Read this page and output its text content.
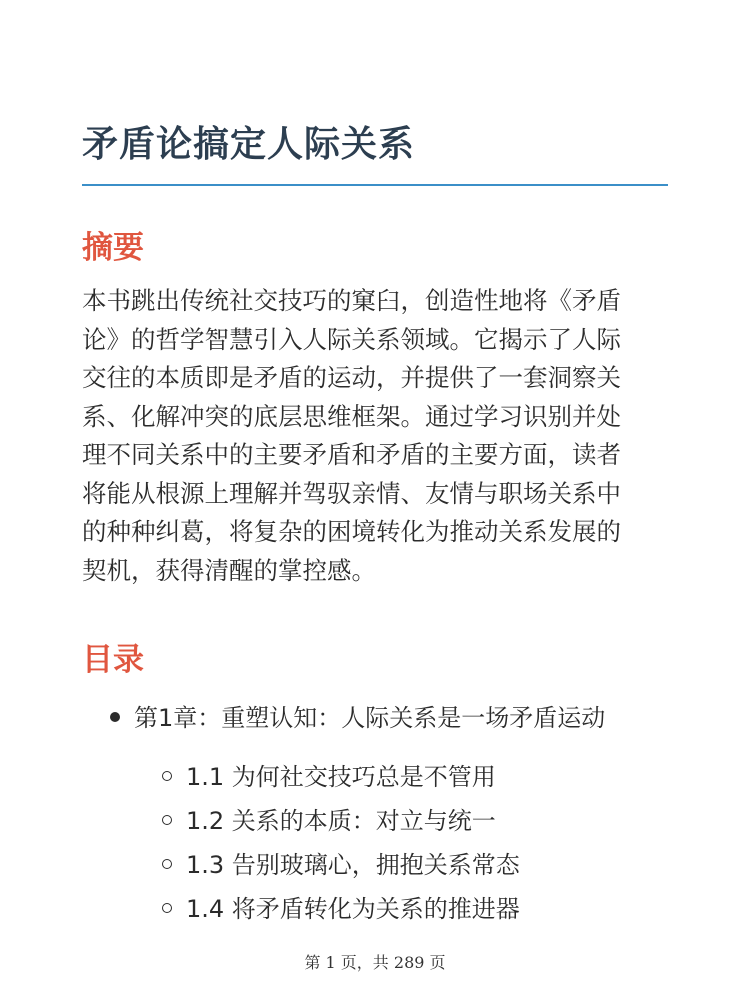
矛盾论搞定人际关系
摘要

本书跳出传统社交技巧的窠臼，创造性地将《矛盾
论》的哲学智慧引入人际关系领域。它揭示了人际
交往的本质即是矛盾的运动，并提供了一套洞察关
系、化解冲突的底层思维框架。通过学习识别并处
理不同关系中的主要矛盾和矛盾的主要方面，读者
将能从根源上理解并驾驭亲情、友情与职场关系中
的种种纠葛，将复杂的困境转化为推动关系发展的
契机，获得清醒的掌控感。

目录
第1章：重塑认知：人际关系是一场矛盾运动
1.1 为何社交技巧总是不管用
1.2 关系的本质：对立与统一
1.3 告别玻璃心，拥抱关系常态
1.4 将矛盾转化为关系的推进器
第 1 页，共 289 页
